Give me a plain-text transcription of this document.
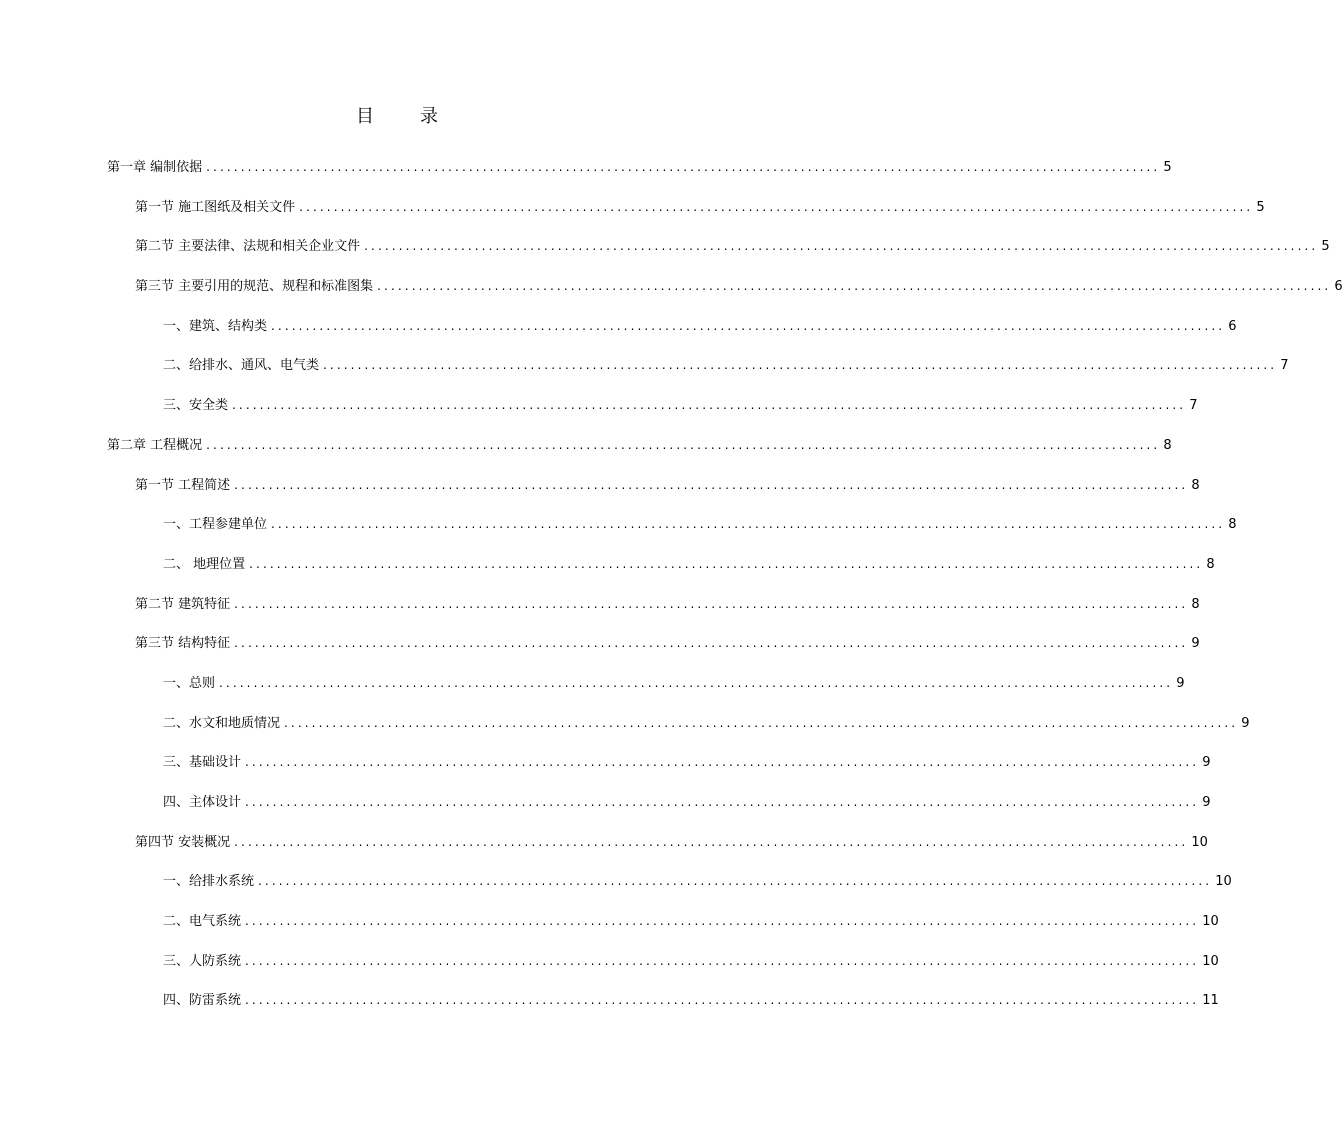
目　录
第一章 编制依据 .......................................................................................................................................... 5
第一节 施工图纸及相关文件 .......................................................................................................................................... 5
第二节 主要法律、法规和相关企业文件 .......................................................................................................................................... 5
第三节 主要引用的规范、规程和标准图集 .......................................................................................................................................... 6
一、建筑、结构类 .......................................................................................................................................... 6
二、给排水、通风、电气类 .......................................................................................................................................... 7
三、安全类 .......................................................................................................................................... 7
第二章 工程概况 .......................................................................................................................................... 8
第一节 工程简述 .......................................................................................................................................... 8
一、工程参建单位 .......................................................................................................................................... 8
二、 地理位置 .......................................................................................................................................... 8
第二节 建筑特征 .......................................................................................................................................... 8
第三节 结构特征 .......................................................................................................................................... 9
一、总则 .......................................................................................................................................... 9
二、水文和地质情况 .......................................................................................................................................... 9
三、基础设计 .......................................................................................................................................... 9
四、主体设计 .......................................................................................................................................... 9
第四节 安装概况 .......................................................................................................................................... 10
一、给排水系统 .......................................................................................................................................... 10
二、电气系统 .......................................................................................................................................... 10
三、人防系统 .......................................................................................................................................... 10
四、防雷系统 .......................................................................................................................................... 11
